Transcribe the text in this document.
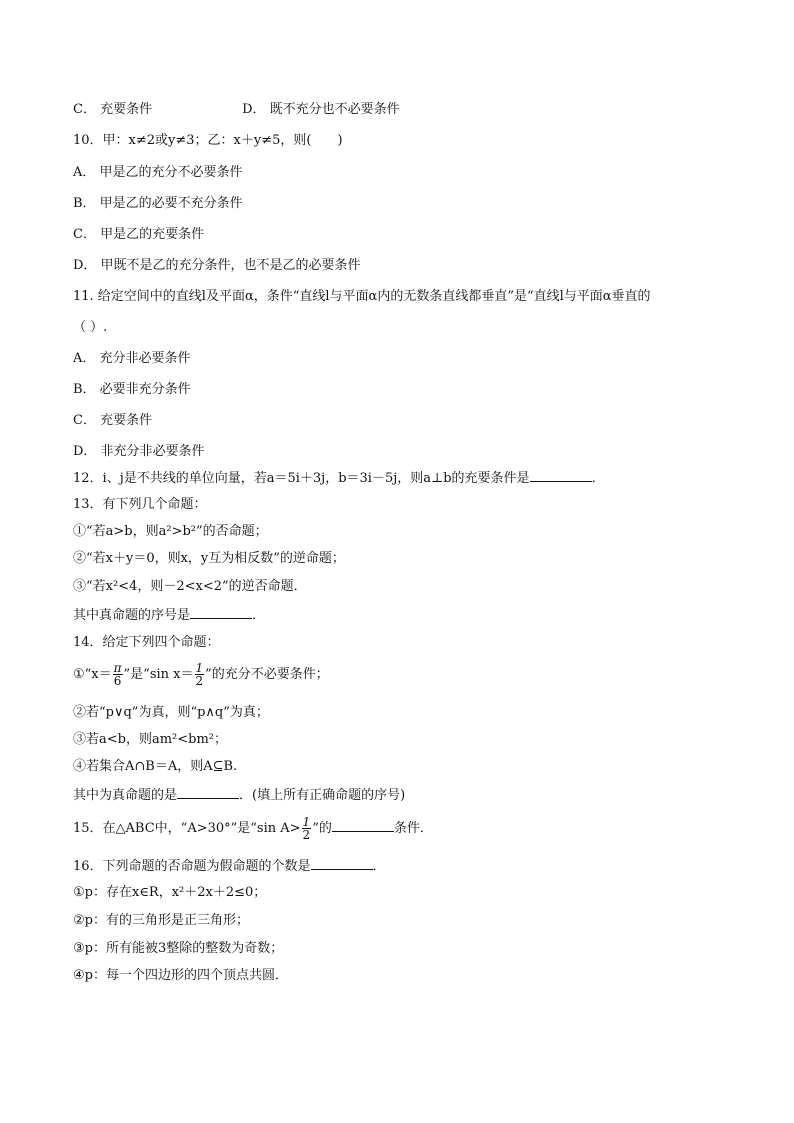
C． 充要条件	D． 既不充分也不必要条件
10．甲：x≠2或y≠3；乙：x＋y≠5，则( )
A． 甲是乙的充分不必要条件
B． 甲是乙的必要不充分条件
C． 甲是乙的充要条件
D． 甲既不是乙的充分条件，也不是乙的必要条件
11. 给定空间中的直线l及平面α，条件“直线l与平面α内的无数条直线都垂直”是“直线l与平面α垂直的
（ ）.
A． 充分非必要条件
B． 必要非充分条件
C． 充要条件
D． 非充分非必要条件
12．i、j是不共线的单位向量，若a＝5i＋3j，b＝3i－5j，则a⊥b的充要条件是	．
13．有下列几个命题：
①“若a>b，则a²>b²”的否命题；
②“若x＋y＝0，则x，y互为相反数”的逆命题；
③“若x²<4，则－2<x<2”的逆否命题．
其中真命题的序号是	．
14．给定下列四个命题：
①“x＝ $\frac{\pi}{6}$ ”是“sin $x= \frac{1}{2}$ ”的充分不必要条件；
②若“p∨q”为真，则“p∧q”为真；
③若a<b，则am²<bm²；
④若集合A∩B＝A，则A⊆B.
其中为真命题的是	．(填上所有正确命题的序号)
15．在△ABC中，“A>30°”是“sin $A> \frac{1}{2}$ ”的	条件．
16．下列命题的否命题为假命题的个数是	．
①p：存在x∈R，x²＋2x＋2≤0；
②p：有的三角形是正三角形；
③p：所有能被3整除的整数为奇数；
④p：每一个四边形的四个顶点共圆．
